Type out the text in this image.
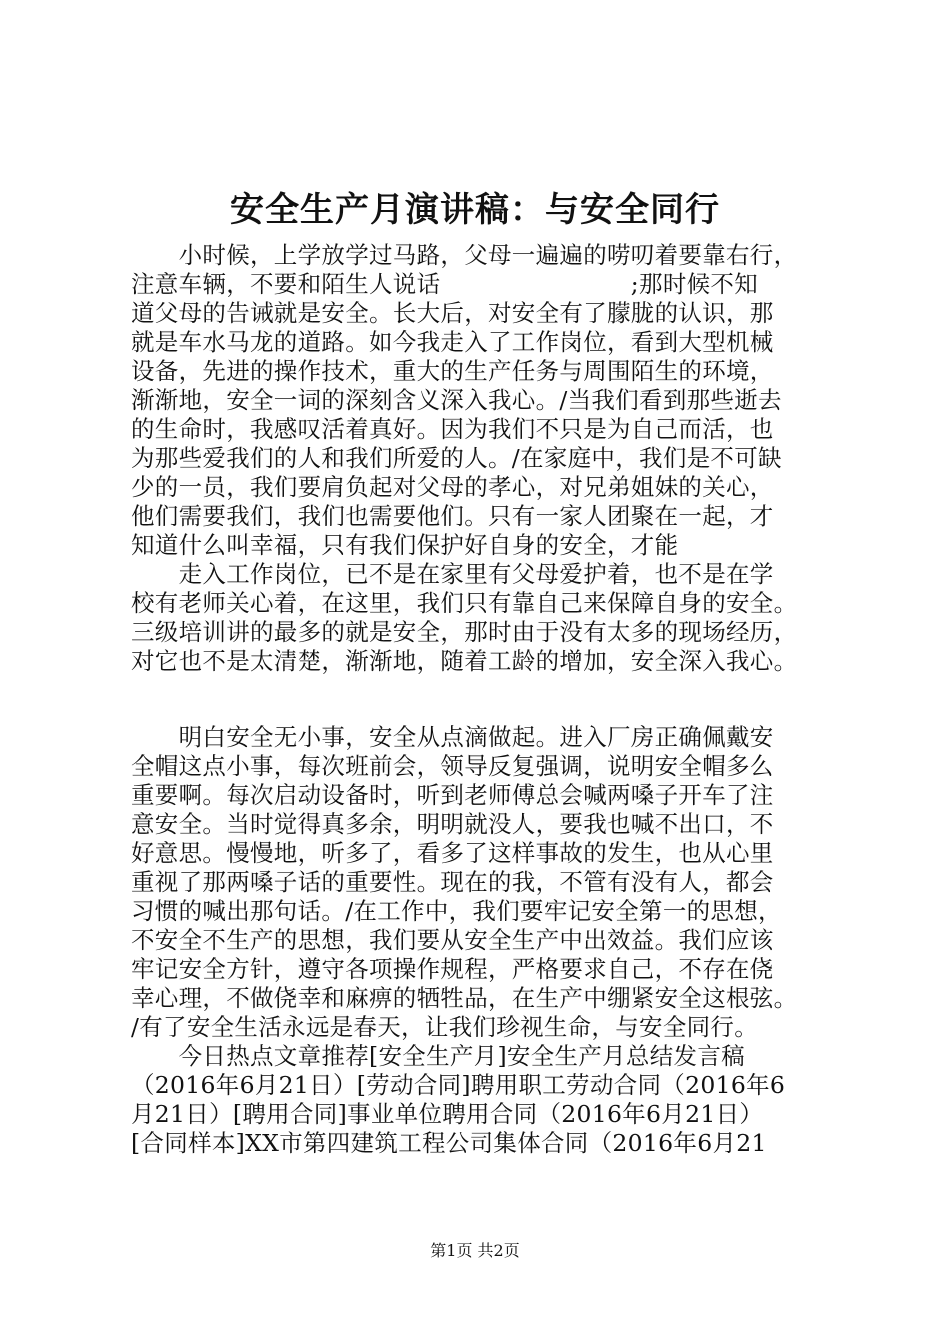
安全生产月演讲稿：与安全同行
　　小时候，上学放学过马路，父母一遍遍的唠叨着要靠右行，
注意车辆，不要和陌生人说话　　　　　　　　;那时候不知
道父母的告诫就是安全。长大后，对安全有了朦胧的认识，那
就是车水马龙的道路。如今我走入了工作岗位，看到大型机械
设备，先进的操作技术，重大的生产任务与周围陌生的环境，
渐渐地，安全一词的深刻含义深入我心。/当我们看到那些逝去
的生命时，我感叹活着真好。因为我们不只是为自己而活，也
为那些爱我们的人和我们所爱的人。/在家庭中，我们是不可缺
少的一员，我们要肩负起对父母的孝心，对兄弟姐妹的关心，
他们需要我们，我们也需要他们。只有一家人团聚在一起，才
知道什么叫幸福，只有我们保护好自身的安全，才能
　　走入工作岗位，已不是在家里有父母爱护着，也不是在学
校有老师关心着，在这里，我们只有靠自己来保障自身的安全。
三级培训讲的最多的就是安全，那时由于没有太多的现场经历，
对它也不是太清楚，渐渐地，随着工龄的增加，安全深入我心。
　　明白安全无小事，安全从点滴做起。进入厂房正确佩戴安
全帽这点小事，每次班前会，领导反复强调，说明安全帽多么
重要啊。每次启动设备时，听到老师傅总会喊两嗓子开车了注
意安全。当时觉得真多余，明明就没人，要我也喊不出口，不
好意思。慢慢地，听多了，看多了这样事故的发生，也从心里
重视了那两嗓子话的重要性。现在的我，不管有没有人，都会
习惯的喊出那句话。/在工作中，我们要牢记安全第一的思想，
不安全不生产的思想，我们要从安全生产中出效益。我们应该
牢记安全方针，遵守各项操作规程，严格要求自己，不存在侥
幸心理，不做侥幸和麻痹的牺牲品，在生产中绷紧安全这根弦。
/有了安全生活永远是春天，让我们珍视生命，与安全同行。
　　今日热点文章推荐[安全生产月]安全生产月总结发言稿
（2016年6月21日）[劳动合同]聘用职工劳动合同（2016年6
月21日）[聘用合同]事业单位聘用合同（2016年6月21日）
[合同样本]XX市第四建筑工程公司集体合同（2016年6月21
第1页 共2页
